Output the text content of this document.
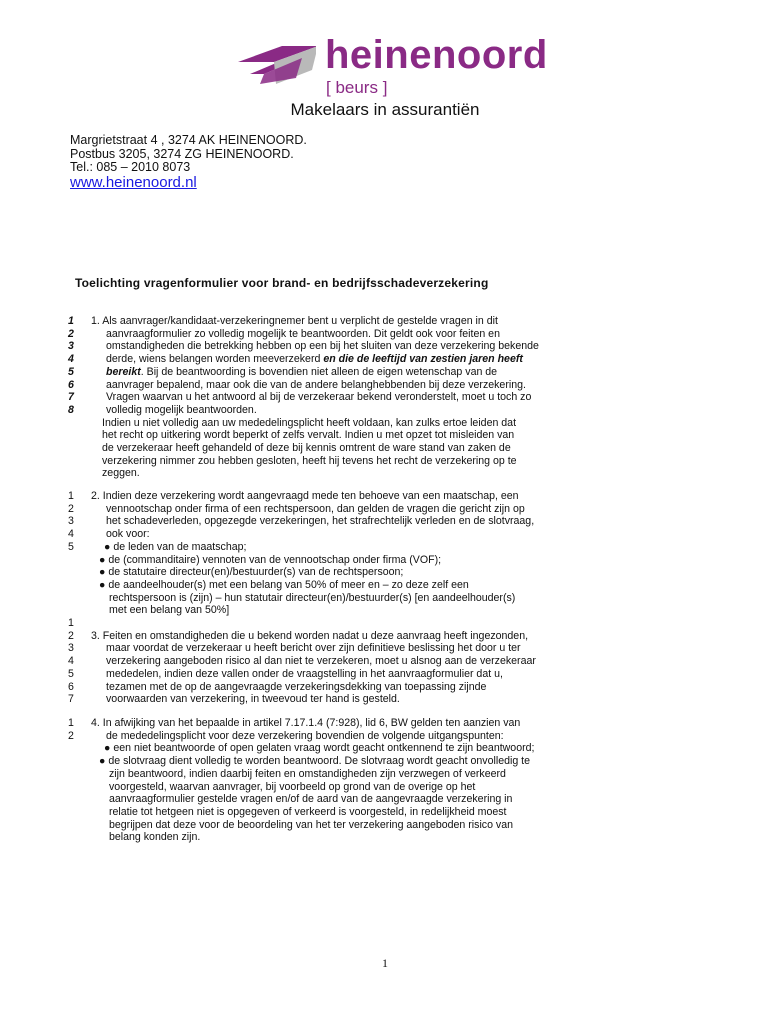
heinenoord
[ beurs ]
Makelaars in assurantiën
Margrietstraat 4 , 3274 AK HEINENOORD.
Postbus 3205, 3274 ZG HEINENOORD.
Tel.: 085 – 2010 8073
www.heinenoord.nl
Toelichting vragenformulier voor brand- en bedrijfsschadeverzekering
1
2
3
4
5
6
7
8
1. Als aanvrager/kandidaat-verzekeringnemer bent u verplicht de gestelde vragen in dit
aanvraagformulier zo volledig mogelijk te beantwoorden. Dit geldt ook voor feiten en
omstandigheden die betrekking hebben op een bij het sluiten van deze verzekering bekende
derde, wiens belangen worden meeverzekerd en die de leeftijd van zestien jaren heeft
bereikt. Bij de beantwoording is bovendien niet alleen de eigen wetenschap van de
aanvrager bepalend, maar ook die van de andere belanghebbenden bij deze verzekering.
Vragen waarvan u het antwoord al bij de verzekeraar bekend veronderstelt, moet u toch zo
volledig mogelijk beantwoorden.
Indien u niet volledig aan uw mededelingsplicht heeft voldaan, kan zulks ertoe leiden dat
het recht op uitkering wordt beperkt of zelfs vervalt. Indien u met opzet tot misleiden van
de verzekeraar heeft gehandeld of deze bij kennis omtrent de ware stand van zaken de
verzekering nimmer zou hebben gesloten, heeft hij tevens het recht de verzekering op te
zeggen.
1
2
3
4
5
2. Indien deze verzekering wordt aangevraagd mede ten behoeve van een maatschap, een
vennootschap onder firma of een rechtspersoon, dan gelden de vragen die gericht zijn op
het schadeverleden, opgezegde verzekeringen, het strafrechtelijk verleden en de slotvraag,
ook voor:
● de leden van de maatschap;
● de (commanditaire) vennoten van de vennootschap onder firma (VOF);
● de statutaire directeur(en)/bestuurder(s) van de rechtspersoon;
● de aandeelhouder(s) met een belang van 50% of meer en – zo deze zelf een
rechtspersoon is (zijn) – hun statutair directeur(en)/bestuurder(s) [en aandeelhouder(s)
met een belang van 50%]
1
2
3
4
5
6
7
3. Feiten en omstandigheden die u bekend worden nadat u deze aanvraag heeft ingezonden,
maar voordat de verzekeraar u heeft bericht over zijn definitieve beslissing het door u ter
verzekering aangeboden risico al dan niet te verzekeren, moet u alsnog aan de verzekeraar
mededelen, indien deze vallen onder de vraagstelling in het aanvraagformulier dat u,
tezamen met de op de aangevraagde verzekeringsdekking van toepassing zijnde
voorwaarden van verzekering, in tweevoud ter hand is gesteld.
1
2
4. In afwijking van het bepaalde in artikel 7.17.1.4 (7:928), lid 6, BW gelden ten aanzien van
de mededelingsplicht voor deze verzekering bovendien de volgende uitgangspunten:
● een niet beantwoorde of open gelaten vraag wordt geacht ontkennend te zijn beantwoord;
● de slotvraag dient volledig te worden beantwoord. De slotvraag wordt geacht onvolledig te
zijn beantwoord, indien daarbij feiten en omstandigheden zijn verzwegen of verkeerd
voorgesteld, waarvan aanvrager, bij voorbeeld op grond van de overige op het
aanvraagformulier gestelde vragen en/of de aard van de aangevraagde verzekering in
relatie tot hetgeen niet is opgegeven of verkeerd is voorgesteld, in redelijkheid moest
begrijpen dat deze voor de beoordeling van het ter verzekering aangeboden risico van
belang konden zijn.
1
